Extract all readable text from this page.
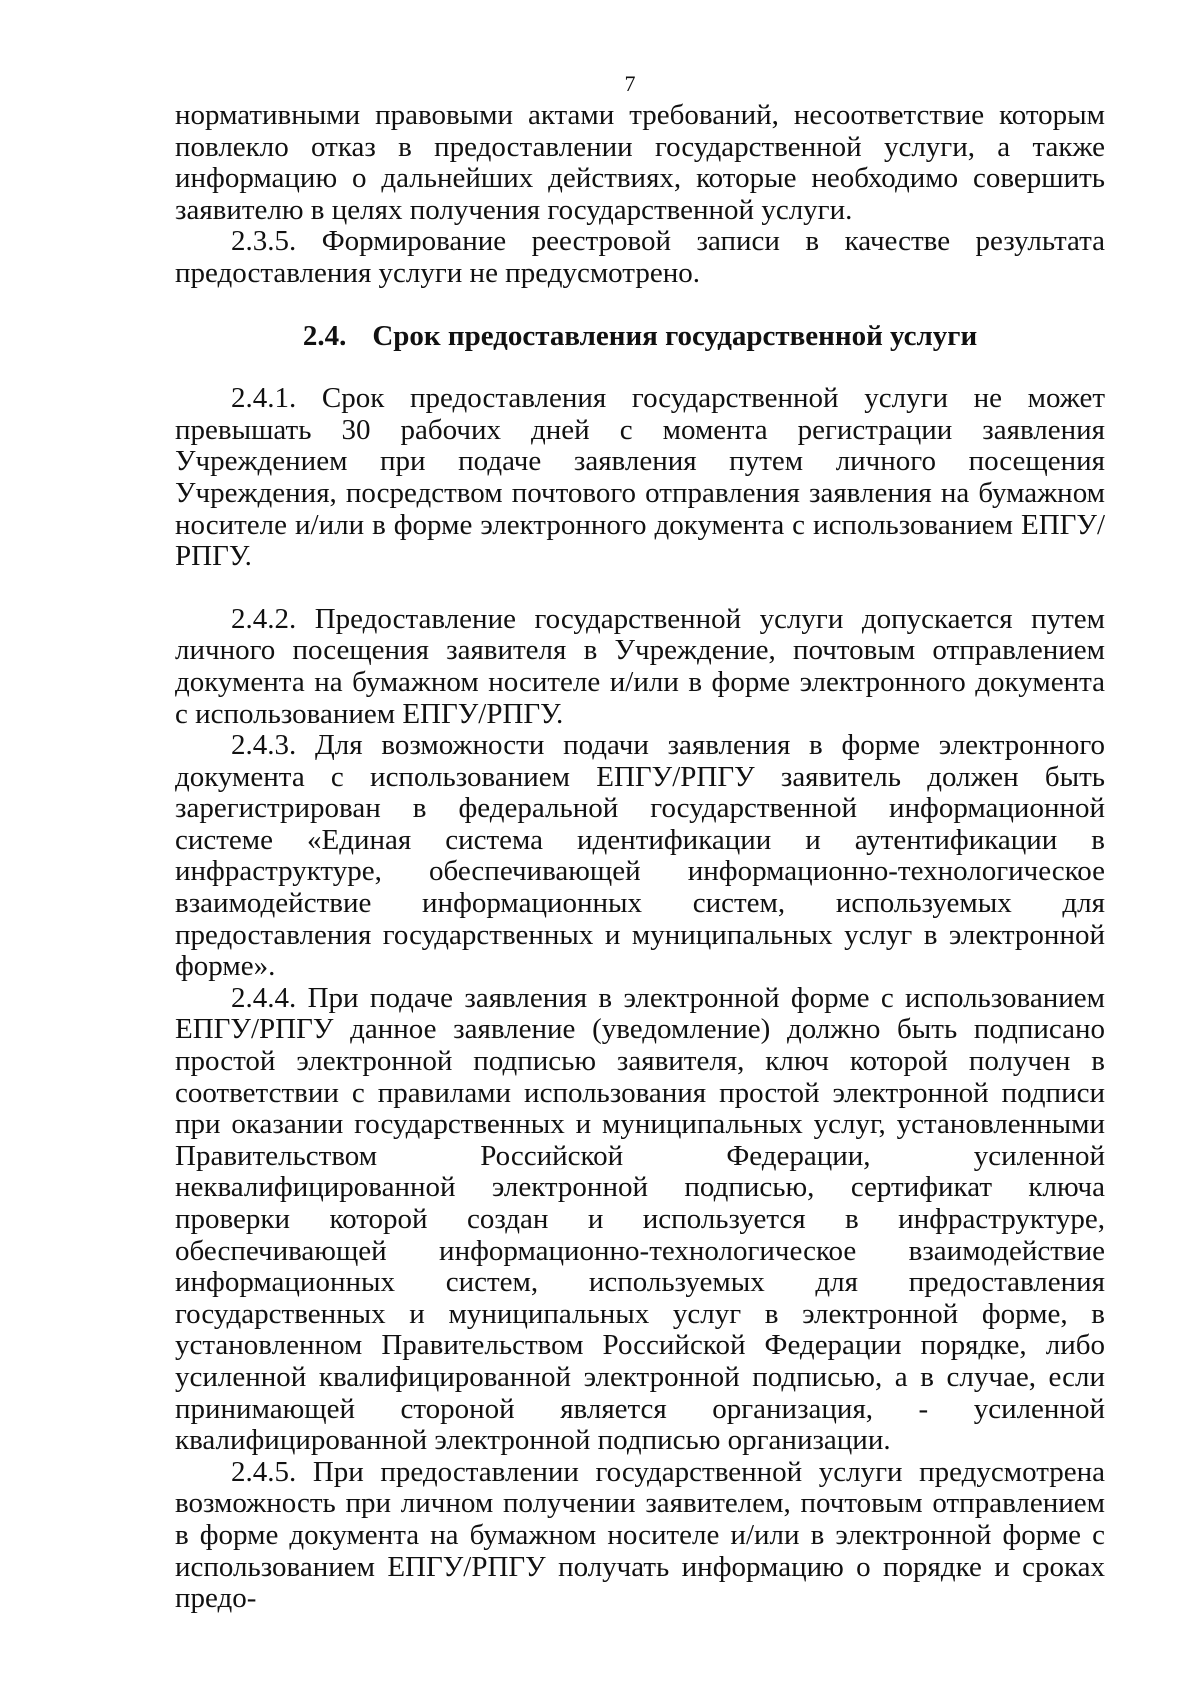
7

нормативными правовыми актами требований, несоответствие которым повлекло отказ в предоставлении государственной услуги, а также информацию о дальнейших действиях, которые необходимо совершить заявителю в целях получения государственной услуги.

2.3.5. Формирование реестровой записи в качестве результата предоставления услуги не предусмотрено.

2.4. Срок предоставления государственной услуги

2.4.1. Срок предоставления государственной услуги не может превышать 30 рабочих дней с момента регистрации заявления Учреждением при подаче заявления путем личного посещения Учреждения, посредством почтового отправления заявления на бумажном носителе и/или в форме электронного документа с использованием ЕПГУ/РПГУ.

2.4.2. Предоставление государственной услуги допускается путем личного посещения заявителя в Учреждение, почтовым отправлением документа на бумажном носителе и/или в форме электронного документа с использованием ЕПГУ/РПГУ.

2.4.3. Для возможности подачи заявления в форме электронного документа с использованием ЕПГУ/РПГУ заявитель должен быть зарегистрирован в федеральной государственной информационной системе «Единая система идентификации и аутентификации в инфраструктуре, обеспечивающей информационно-технологическое взаимодействие информационных систем, используемых для предоставления государственных и муниципальных услуг в электронной форме».

2.4.4. При подаче заявления в электронной форме с использованием ЕПГУ/РПГУ данное заявление (уведомление) должно быть подписано простой электронной подписью заявителя, ключ которой получен в соответствии с правилами использования простой электронной подписи при оказании государственных и муниципальных услуг, установленными Правительством Российской Федерации, усиленной неквалифицированной электронной подписью, сертификат ключа проверки которой создан и используется в инфраструктуре, обеспечивающей информационно-технологическое взаимодействие информационных систем, используемых для предоставления государственных и муниципальных услуг в электронной форме, в установленном Правительством Российской Федерации порядке, либо усиленной квалифицированной электронной подписью, а в случае, если принимающей стороной является организация, - усиленной квалифицированной электронной подписью организации.

2.4.5. При предоставлении государственной услуги предусмотрена возможность при личном получении заявителем, почтовым отправлением в форме документа на бумажном носителе и/или в электронной форме с использованием ЕПГУ/РПГУ получать информацию о порядке и сроках предо-
